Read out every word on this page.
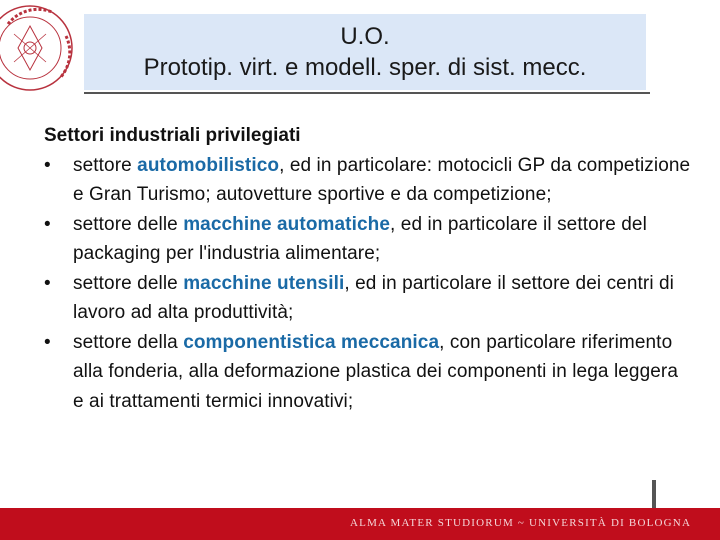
U.O.
Prototip. virt. e modell. sper. di sist. mecc.
Settori industriali privilegiati
• settore automobilistico, ed in particolare: motocicli GP da competizione e Gran Turismo; autovetture sportive e da competizione;
• settore delle macchine automatiche, ed in particolare il settore del packaging per l'industria alimentare;
• settore delle macchine utensili, ed in particolare il settore dei centri di lavoro ad alta produttività;
• settore della componentistica meccanica, con particolare riferimento alla fonderia, alla deformazione plastica dei componenti in lega leggera e ai trattamenti termici innovativi;
ALMA MATER STUDIORUM ~ UNIVERSITÀ DI BOLOGNA
